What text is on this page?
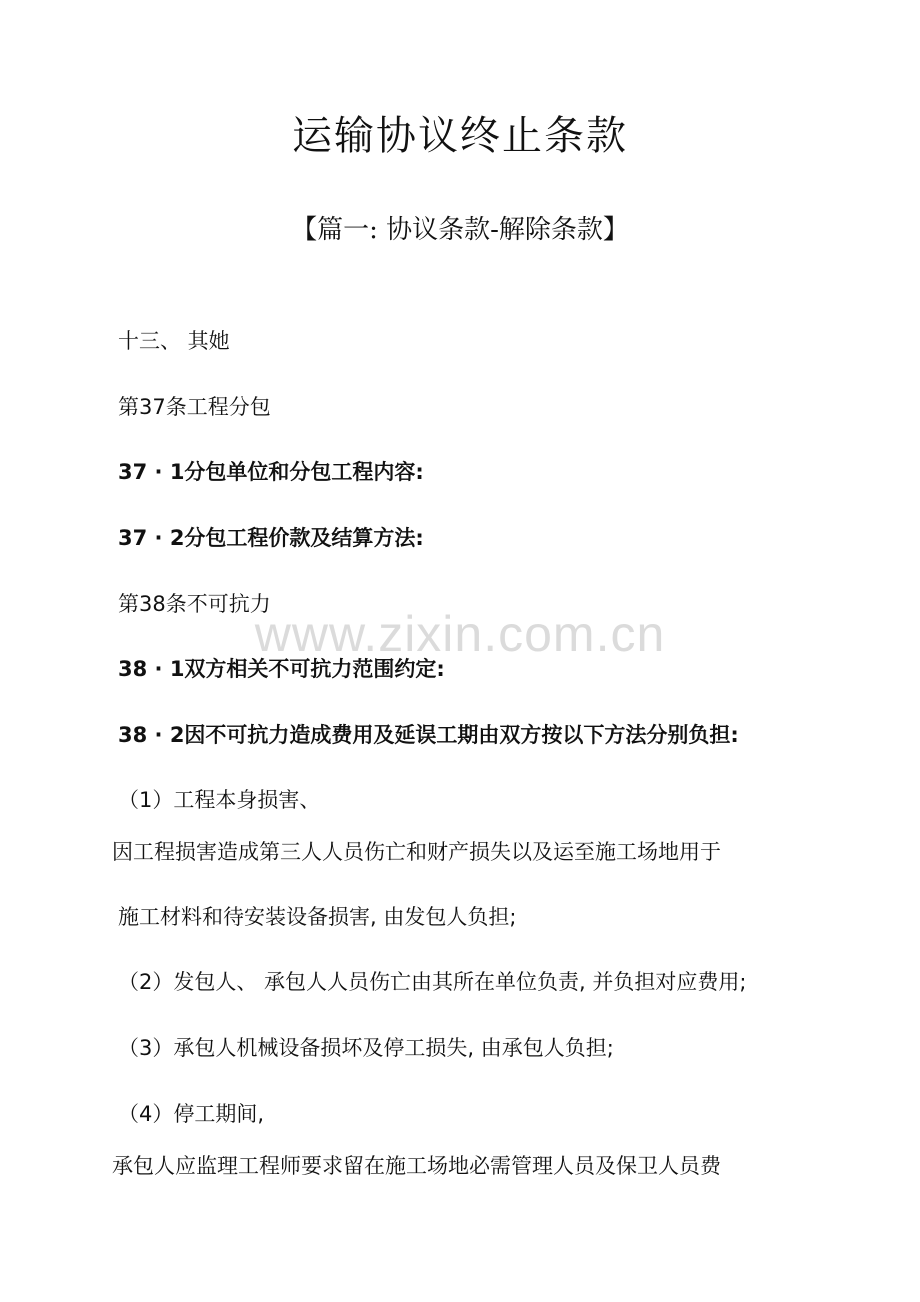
运输协议终止条款
【篇一: 协议条款-解除条款】
十三、 其她
第37条工程分包
37 · 1分包单位和分包工程内容:
37 · 2分包工程价款及结算方法:
第38条不可抗力
38 · 1双方相关不可抗力范围约定:
38 · 2因不可抗力造成费用及延误工期由双方按以下方法分别负担:
（1）工程本身损害、
因工程损害造成第三人人员伤亡和财产损失以及运至施工场地用于
施工材料和待安装设备损害, 由发包人负担;
（2）发包人、 承包人人员伤亡由其所在单位负责, 并负担对应费用;
（3）承包人机械设备损坏及停工损失, 由承包人负担;
（4）停工期间,
承包人应监理工程师要求留在施工场地必需管理人员及保卫人员费
www.zixin.com.cn
